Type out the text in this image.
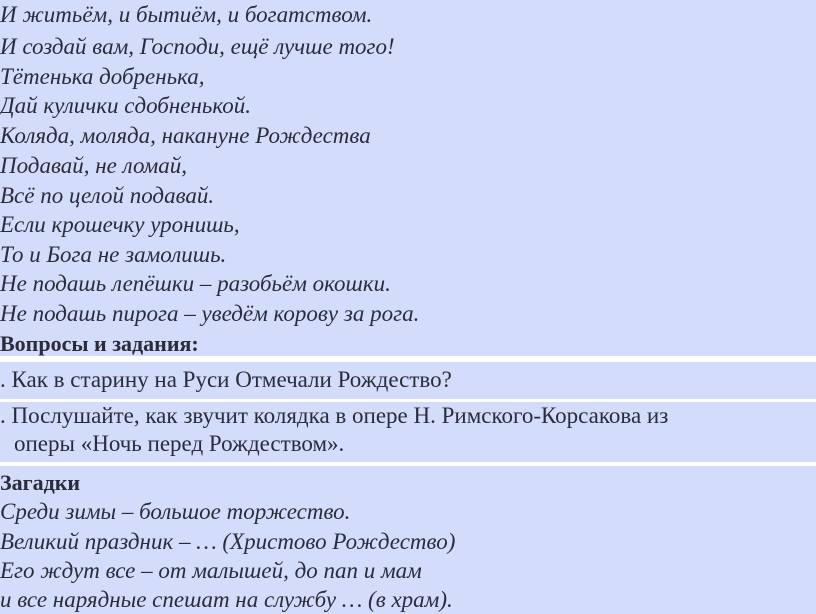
И житьём, и бытиём, и богатством.
И создай вам, Господи, ещё лучше того!
Тётенька добренька,
Дай кулички сдобненькой.
Коляда, моляда, накануне Рождества
Подавай, не ломай,
Всё по целой подавай.
Если крошечку уронишь,
То и Бога не замолишь.
Не подашь лепёшки – разобьём окошки.
Не подашь пирога – уведём корову за рога.
Вопросы и задания:
. Как в старину на Руси Отмечали Рождество?
. Послушайте, как звучит колядка в опере Н. Римского-Корсакова из
оперы «Ночь перед Рождеством».
Загадки
Среди зимы – большое торжество.
Великий праздник – … (Христово Рождество)
Его ждут все – от малышей, до пап и мам
и все нарядные спешат на службу … (в храм).
